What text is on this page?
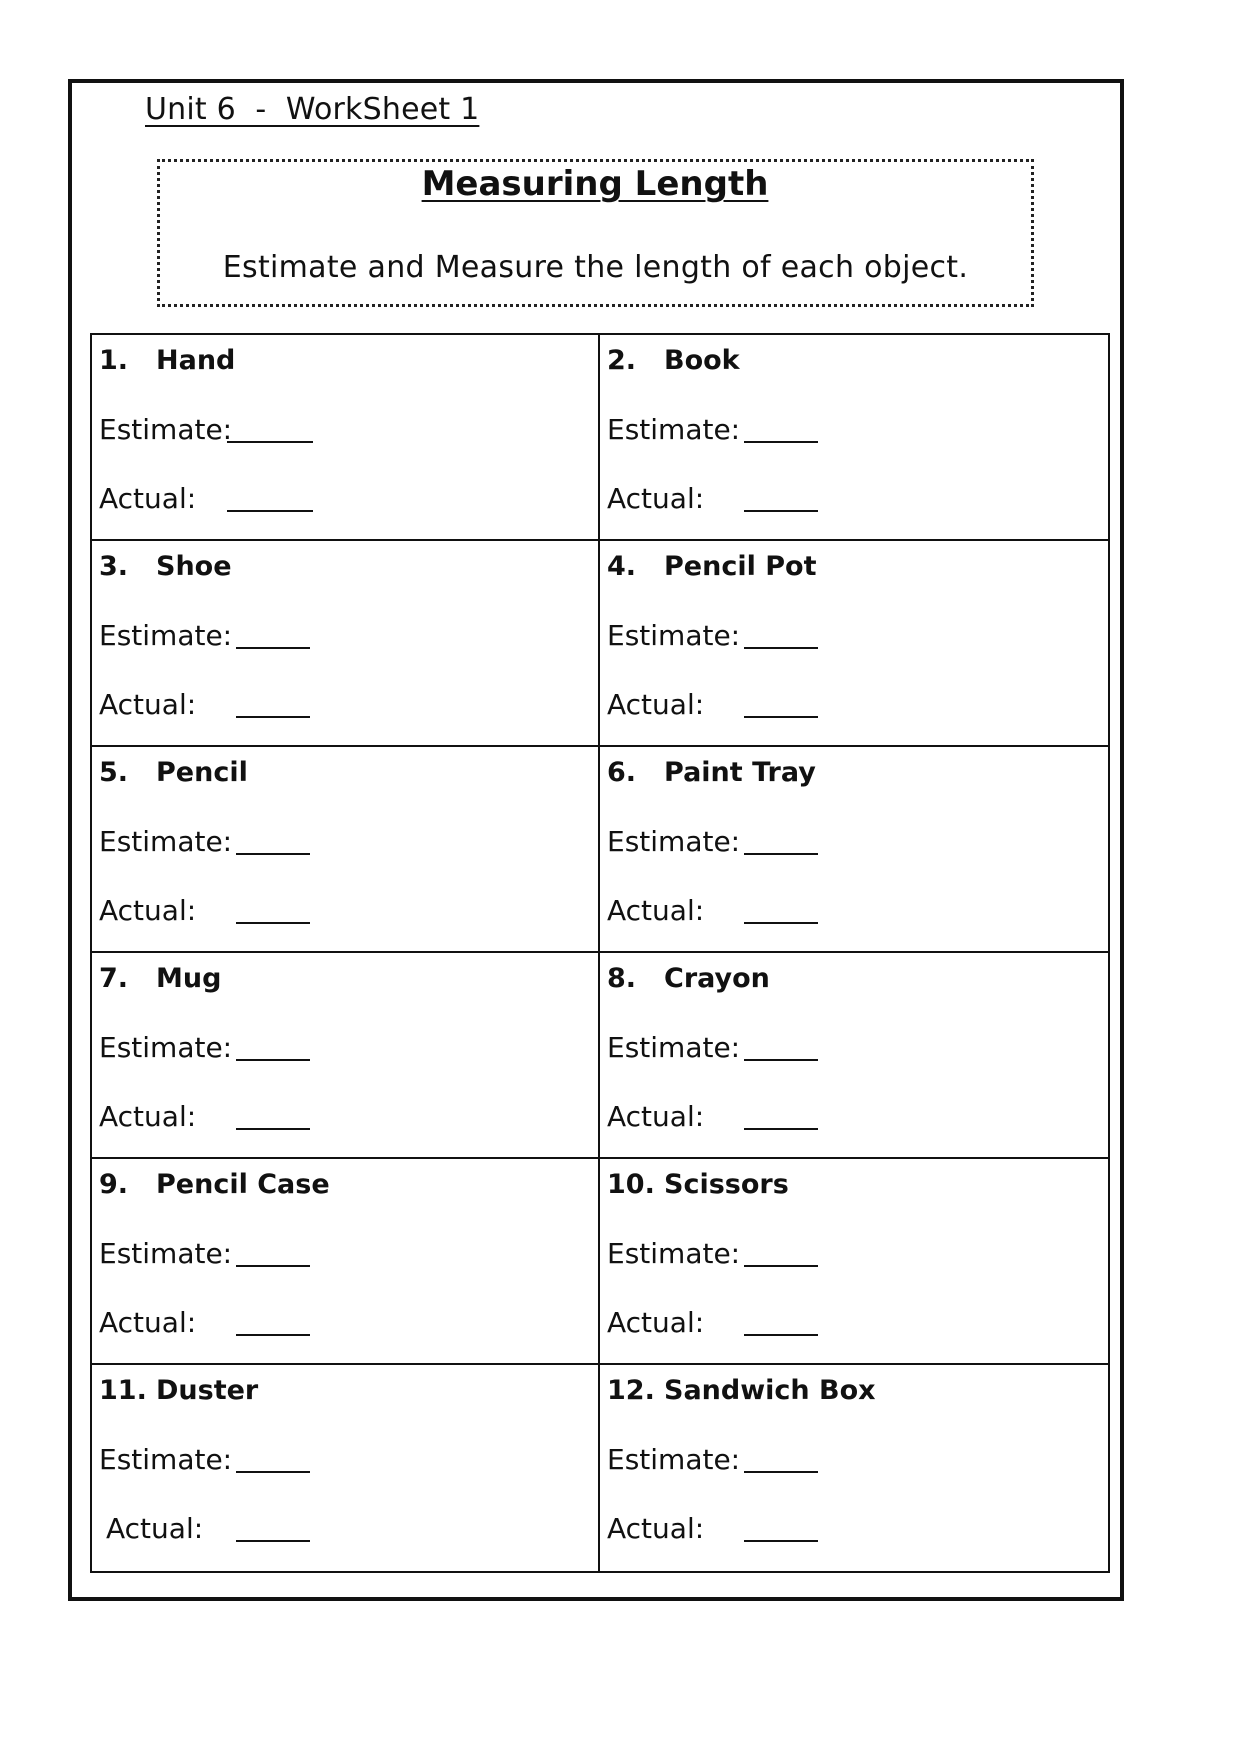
Unit 6  -  WorkSheet 1
Measuring Length
Estimate and Measure the length of each object.
1. Hand
Estimate:
Actual:
2. Book
Estimate:
Actual:
3. Shoe
Estimate:
Actual:
4. Pencil Pot
Estimate:
Actual:
5. Pencil
Estimate:
Actual:
6. Paint Tray
Estimate:
Actual:
7. Mug
Estimate:
Actual:
8. Crayon
Estimate:
Actual:
9. Pencil Case
Estimate:
Actual:
10. Scissors
Estimate:
Actual:
11. Duster
Estimate:
Actual:
12. Sandwich Box
Estimate:
Actual:
